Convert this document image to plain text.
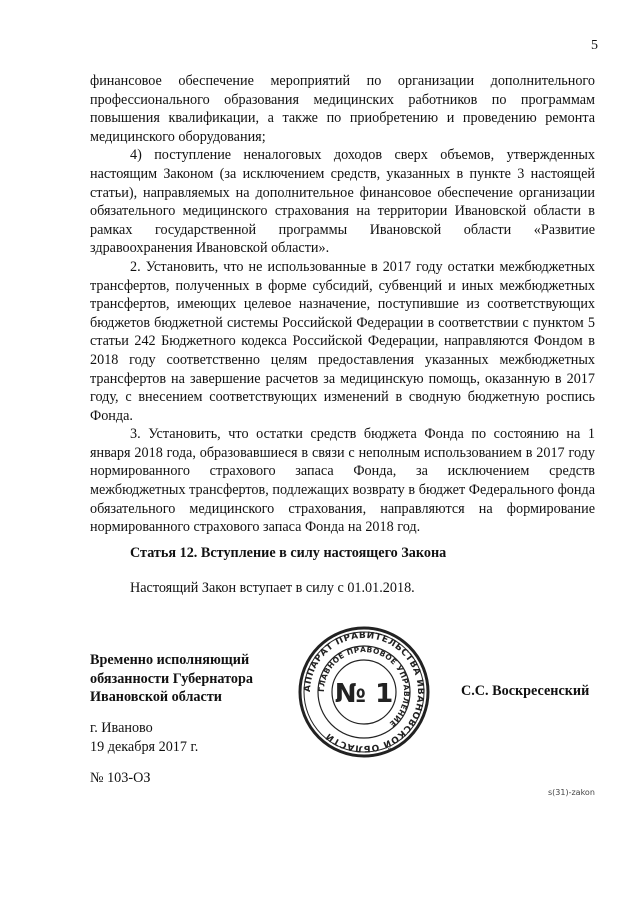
5

финансовое обеспечение мероприятий по организации дополнительного профессионального образования медицинских работников по программам повышения квалификации, а также по приобретению и проведению ремонта медицинского оборудования;

4) поступление неналоговых доходов сверх объемов, утвержденных настоящим Законом (за исключением средств, указанных в пункте 3 настоящей статьи), направляемых на дополнительное финансовое обеспечение организации обязательного медицинского страхования на территории Ивановской области в рамках государственной программы Ивановской области «Развитие здравоохранения Ивановской области».

2. Установить, что не использованные в 2017 году остатки межбюджетных трансфертов, полученных в форме субсидий, субвенций и иных межбюджетных трансфертов, имеющих целевое назначение, поступившие из соответствующих бюджетов бюджетной системы Российской Федерации в соответствии с пунктом 5 статьи 242 Бюджетного кодекса Российской Федерации, направляются Фондом в 2018 году соответственно целям предоставления указанных межбюджетных трансфертов на завершение расчетов за медицинскую помощь, оказанную в 2017 году, с внесением соответствующих изменений в сводную бюджетную роспись Фонда.

3. Установить, что остатки средств бюджета Фонда по состоянию на 1 января 2018 года, образовавшиеся в связи с неполным использованием в 2017 году нормированного страхового запаса Фонда, за исключением средств межбюджетных трансфертов, подлежащих возврату в бюджет Федерального фонда обязательного медицинского страхования, направляются на формирование нормированного страхового запаса Фонда на 2018 год.

Статья 12. Вступление в силу настоящего Закона

Настоящий Закон вступает в силу с 01.01.2018.

Временно исполняющий
обязанности Губернатора
Ивановской области
АППАРАТ ПРАВИТЕЛЬСТВА ИВАНОВСКОЙ ОБЛАСТИ
ГЛАВНОЕ ПРАВОВОЕ УПРАВЛЕНИЕ
№ 1	С.С. Воскресенский

г. Иваново
19 декабря 2017 г.

№ 103-ОЗ

s(31)-zakon
